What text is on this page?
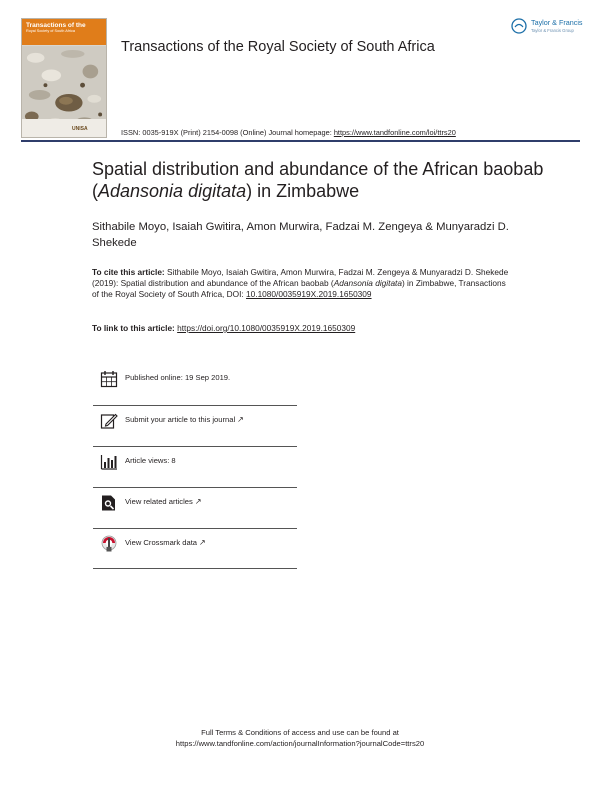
Transactions of the
Royal Society of South Africa
UNISA
Transactions of the Royal Society of South Africa
ISSN: 0035-919X (Print) 2154-0098 (Online) Journal homepage: https://www.tandfonline.com/loi/ttrs20
Taylor & Francis
Taylor & Francis Group
Spatial distribution and abundance of the African baobab (Adansonia digitata) in Zimbabwe
Sithabile Moyo, Isaiah Gwitira, Amon Murwira, Fadzai M. Zengeya & Munyaradzi D. Shekede
To cite this article: Sithabile Moyo, Isaiah Gwitira, Amon Murwira, Fadzai M. Zengeya & Munyaradzi D. Shekede (2019): Spatial distribution and abundance of the African baobab (Adansonia digitata) in Zimbabwe, Transactions of the Royal Society of South Africa, DOI: 10.1080/0035919X.2019.1650309
To link to this article: https://doi.org/10.1080/0035919X.2019.1650309
Published online: 19 Sep 2019.
Submit your article to this journal ↗
Article views: 8
View related articles ↗
View Crossmark data ↗
Full Terms & Conditions of access and use can be found at
https://www.tandfonline.com/action/journalInformation?journalCode=ttrs20
